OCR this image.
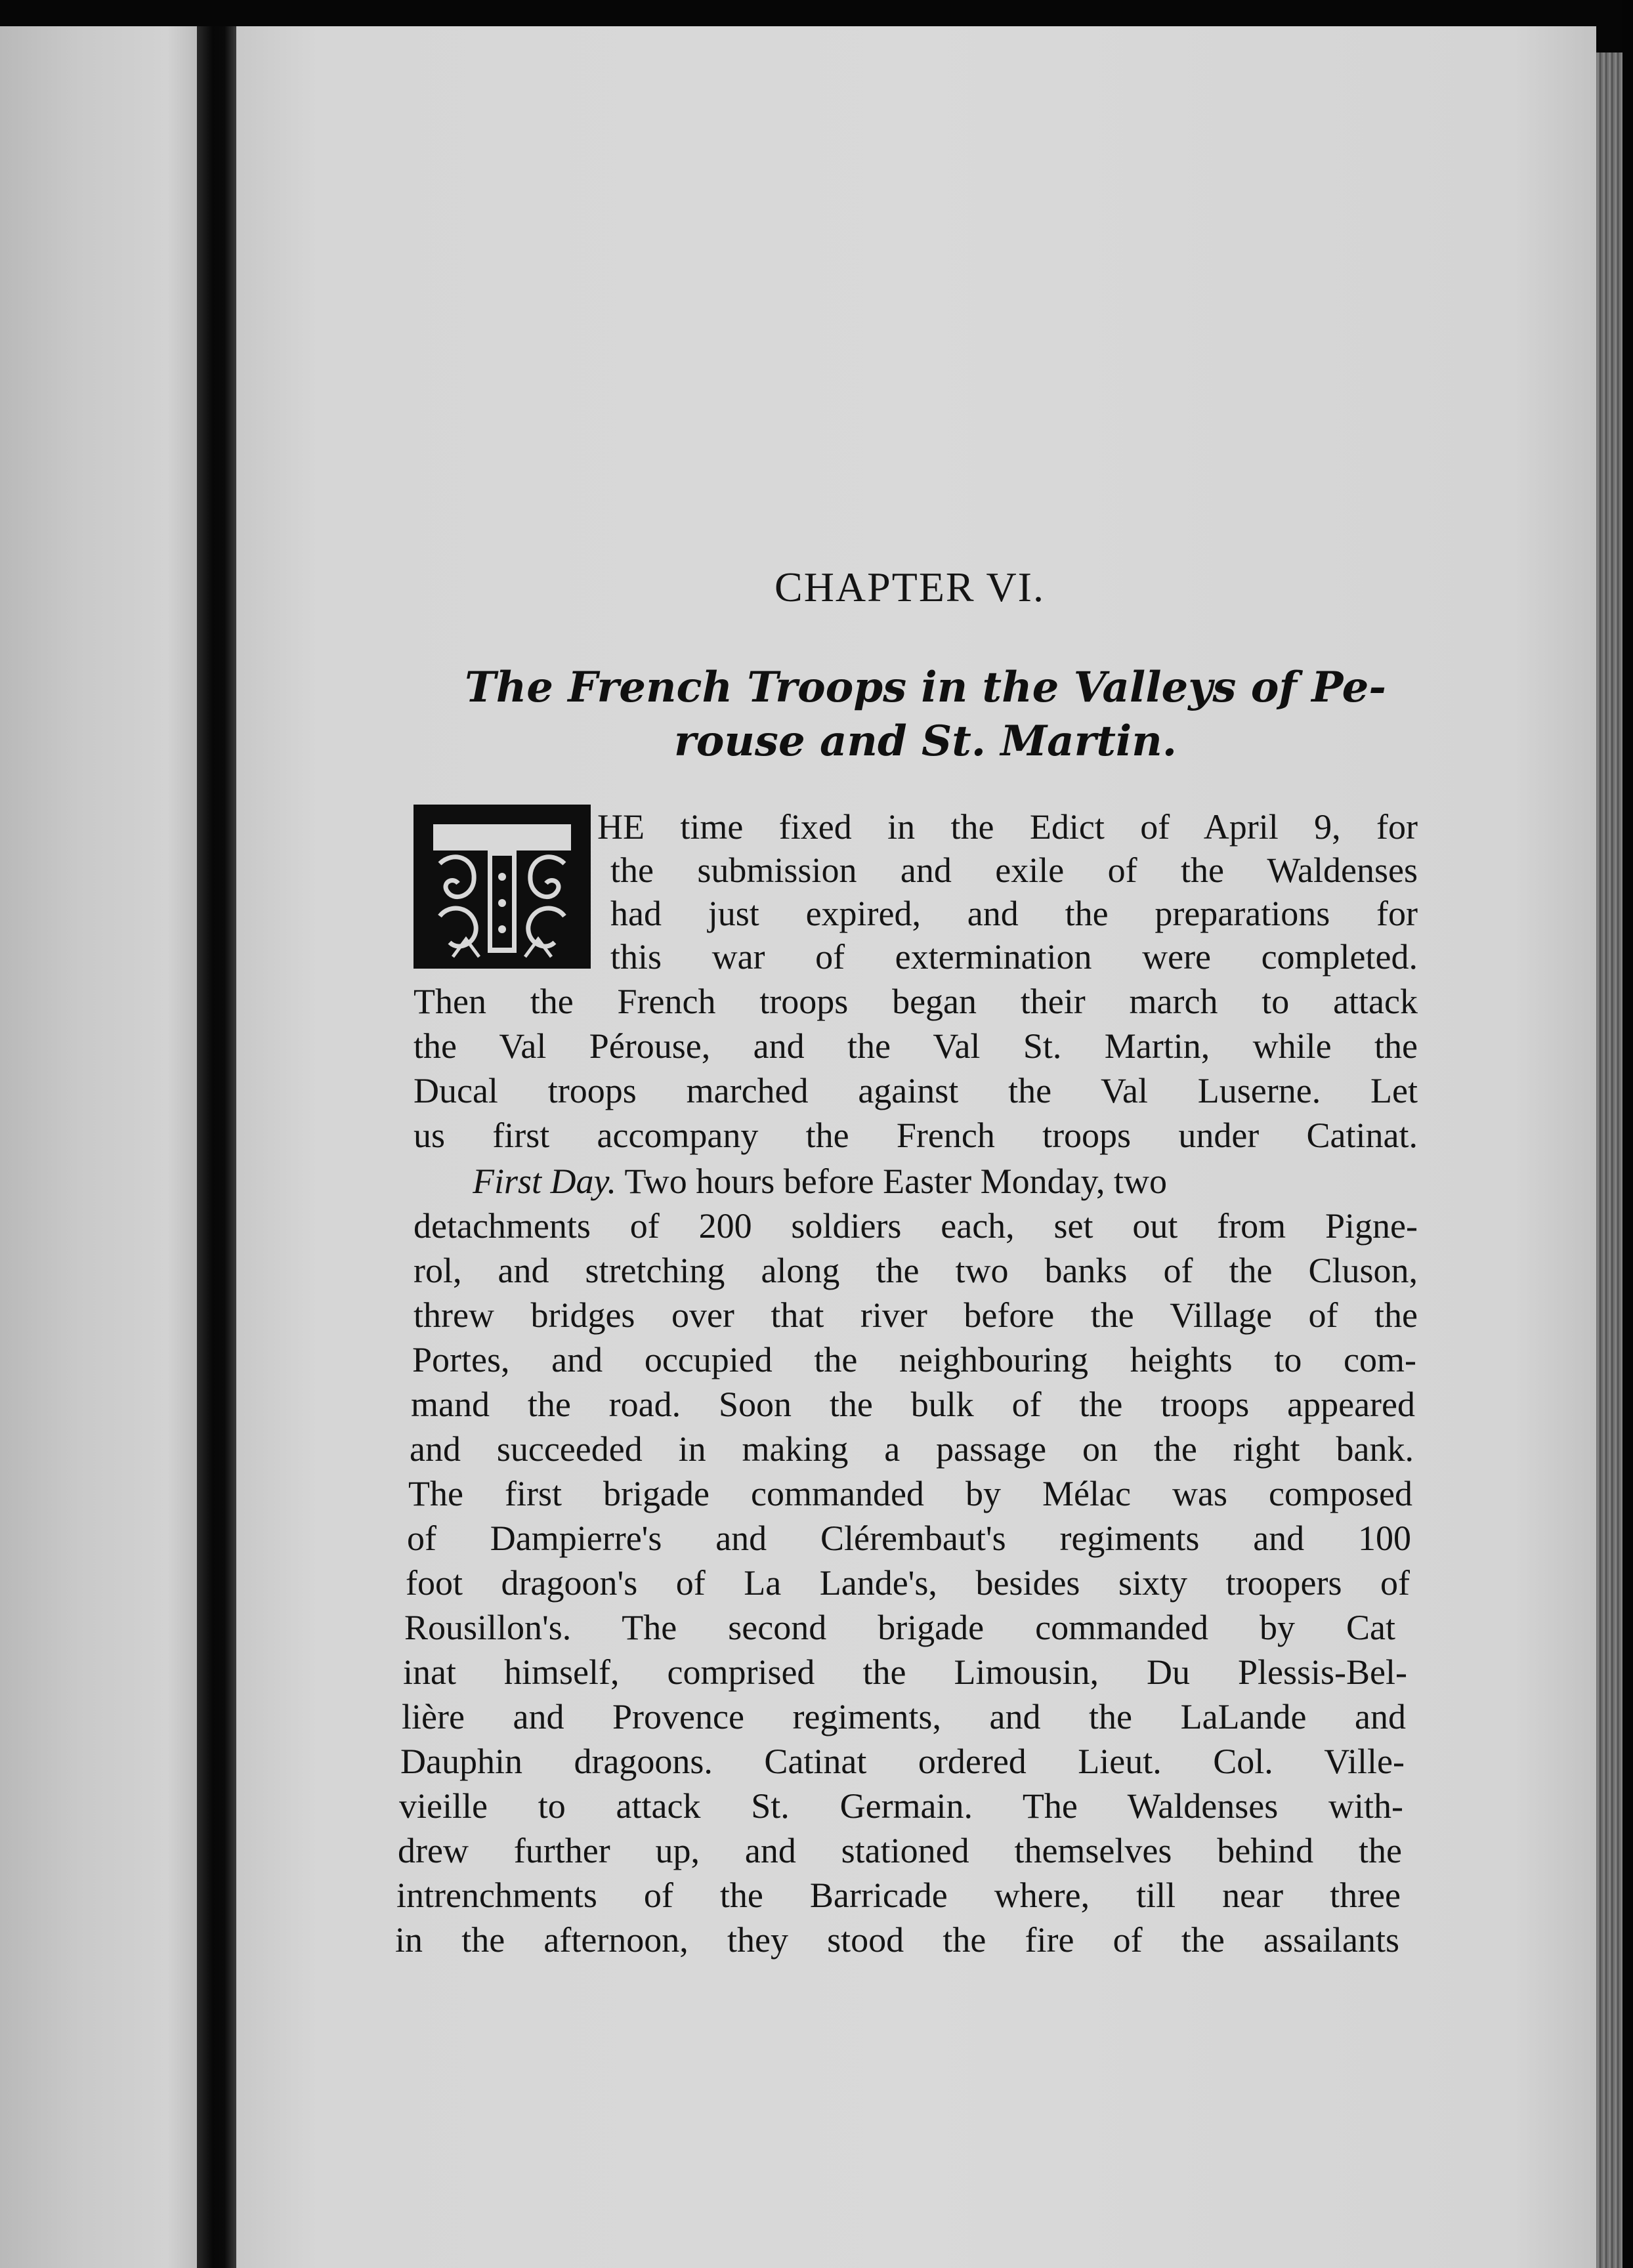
CHAPTER VI.
The French Troops in the Valleys of Pe-
rouse and St. Martin.
HE time fixed in the Edict of April 9, for
the submission and exile of the Waldenses
had just expired, and the preparations for
this war of extermination were completed.
Then the French troops began their march to attack
the Val Pérouse, and the Val St. Martin, while the
Ducal troops marched against the Val Luserne. Let
us first accompany the French troops under Catinat.
First Day. Two hours before Easter Monday, two
detachments of 200 soldiers each, set out from Pigne-
rol, and stretching along the two banks of the Cluson,
threw bridges over that river before the Village of the
Portes, and occupied the neighbouring heights to com-
mand the road. Soon the bulk of the troops appeared
and succeeded in making a passage on the right bank.
The first brigade commanded by Mélac was composed
of Dampierre's and Clérembaut's regiments and 100
foot dragoon's of La Lande's, besides sixty troopers of
Rousillon's. The second brigade commanded by Cat
inat himself, comprised the Limousin, Du Plessis-Bel-
lière and Provence regiments, and the LaLande and
Dauphin dragoons. Catinat ordered Lieut. Col. Ville-
vieille to attack St. Germain. The Waldenses with-
drew further up, and stationed themselves behind the
intrenchments of the Barricade where, till near three
in the afternoon, they stood the fire of the assailants
